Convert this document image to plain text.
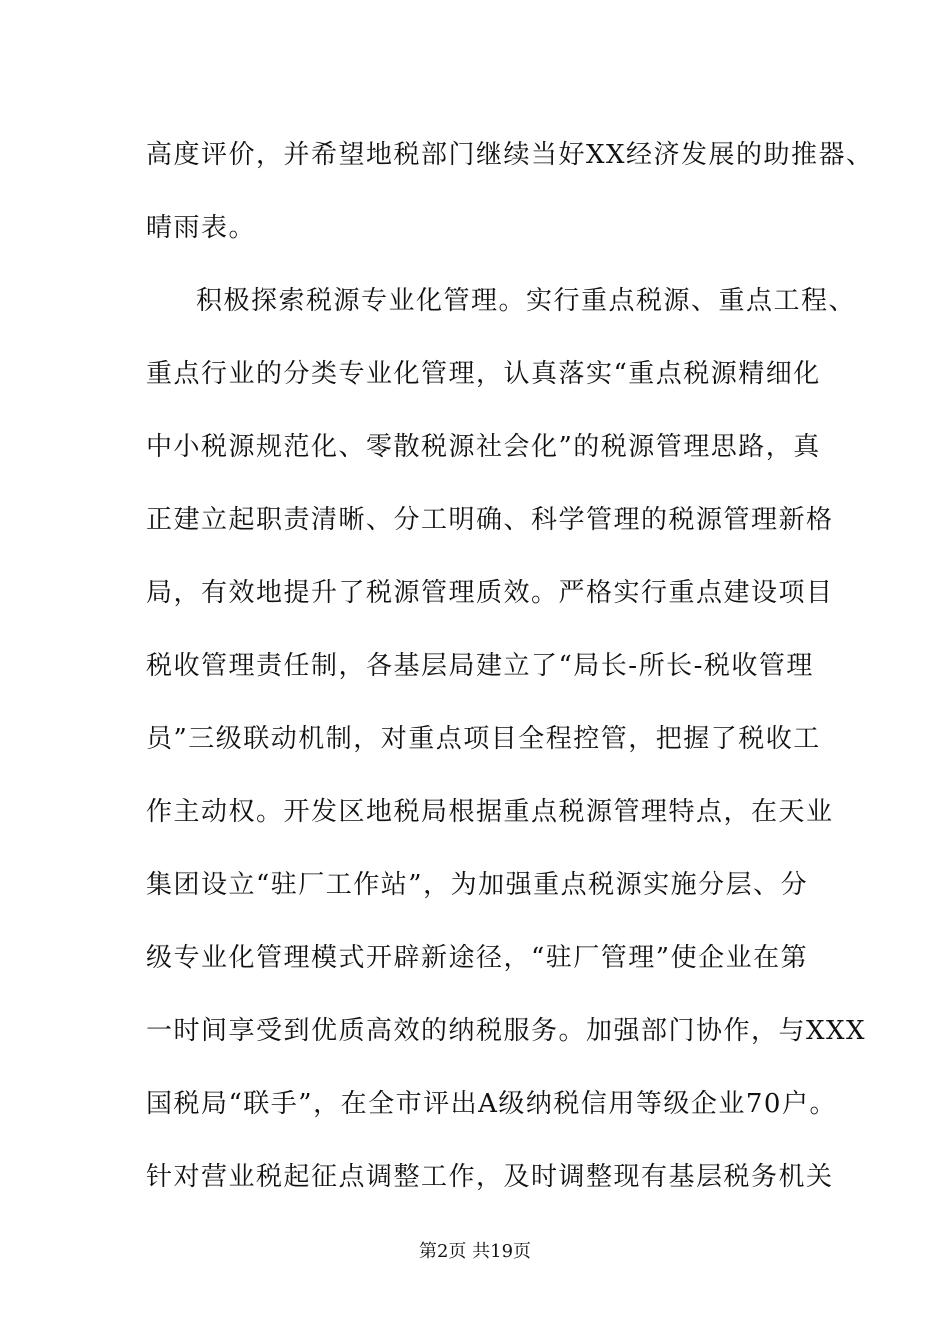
高度评价，并希望地税部门继续当好XX经济发展的助推器、
晴雨表。
积极探索税源专业化管理。实行重点税源、重点工程、
重点行业的分类专业化管理，认真落实“重点税源精细化
中小税源规范化、零散税源社会化”的税源管理思路，真
正建立起职责清晰、分工明确、科学管理的税源管理新格
局，有效地提升了税源管理质效。严格实行重点建设项目
税收管理责任制，各基层局建立了“局长-所长-税收管理
员”三级联动机制，对重点项目全程控管，把握了税收工
作主动权。开发区地税局根据重点税源管理特点，在天业
集团设立“驻厂工作站”，为加强重点税源实施分层、分
级专业化管理模式开辟新途径，“驻厂管理”使企业在第
一时间享受到优质高效的纳税服务。加强部门协作，与XXX
国税局“联手”，在全市评出A级纳税信用等级企业70户。
针对营业税起征点调整工作，及时调整现有基层税务机关
第2页 共19页
